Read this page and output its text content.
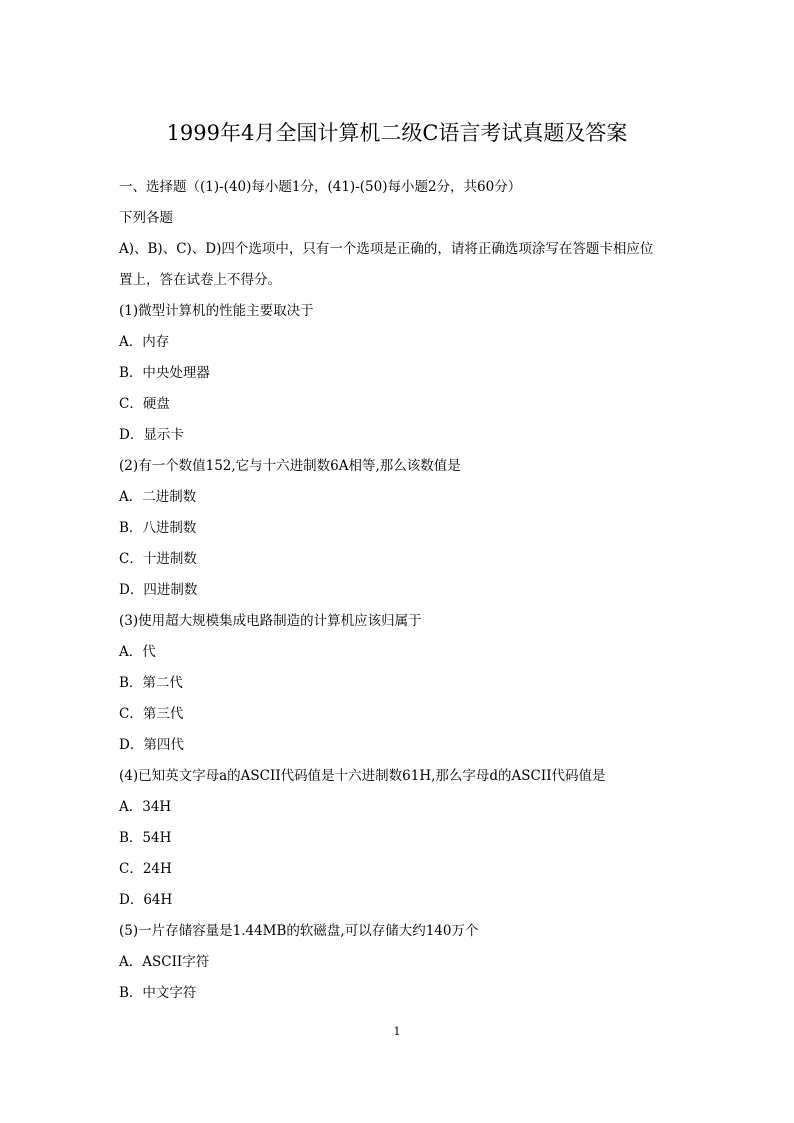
1999年4月全国计算机二级C语言考试真题及答案
一、选择题（(1)-(40)每小题1分，(41)-(50)每小题2分，共60分）
下列各题
A)、B)、C)、D)四个选项中，只有一个选项是正确的，请将正确选项涂写在答题卡相应位
置上，答在试卷上不得分。
(1)微型计算机的性能主要取决于
A．内存
B．中央处理器
C．硬盘
D．显示卡
(2)有一个数值152,它与十六进制数6A相等,那么该数值是
A．二进制数
B．八进制数
C．十进制数
D．四进制数
(3)使用超大规模集成电路制造的计算机应该归属于
A．代
B．第二代
C．第三代
D．第四代
(4)已知英文字母a的ASCII代码值是十六进制数61H,那么字母d的ASCII代码值是
A．34H
B．54H
C．24H
D．64H
(5)一片存储容量是1.44MB的软磁盘,可以存储大约140万个
A．ASCII字符
B．中文字符
1
